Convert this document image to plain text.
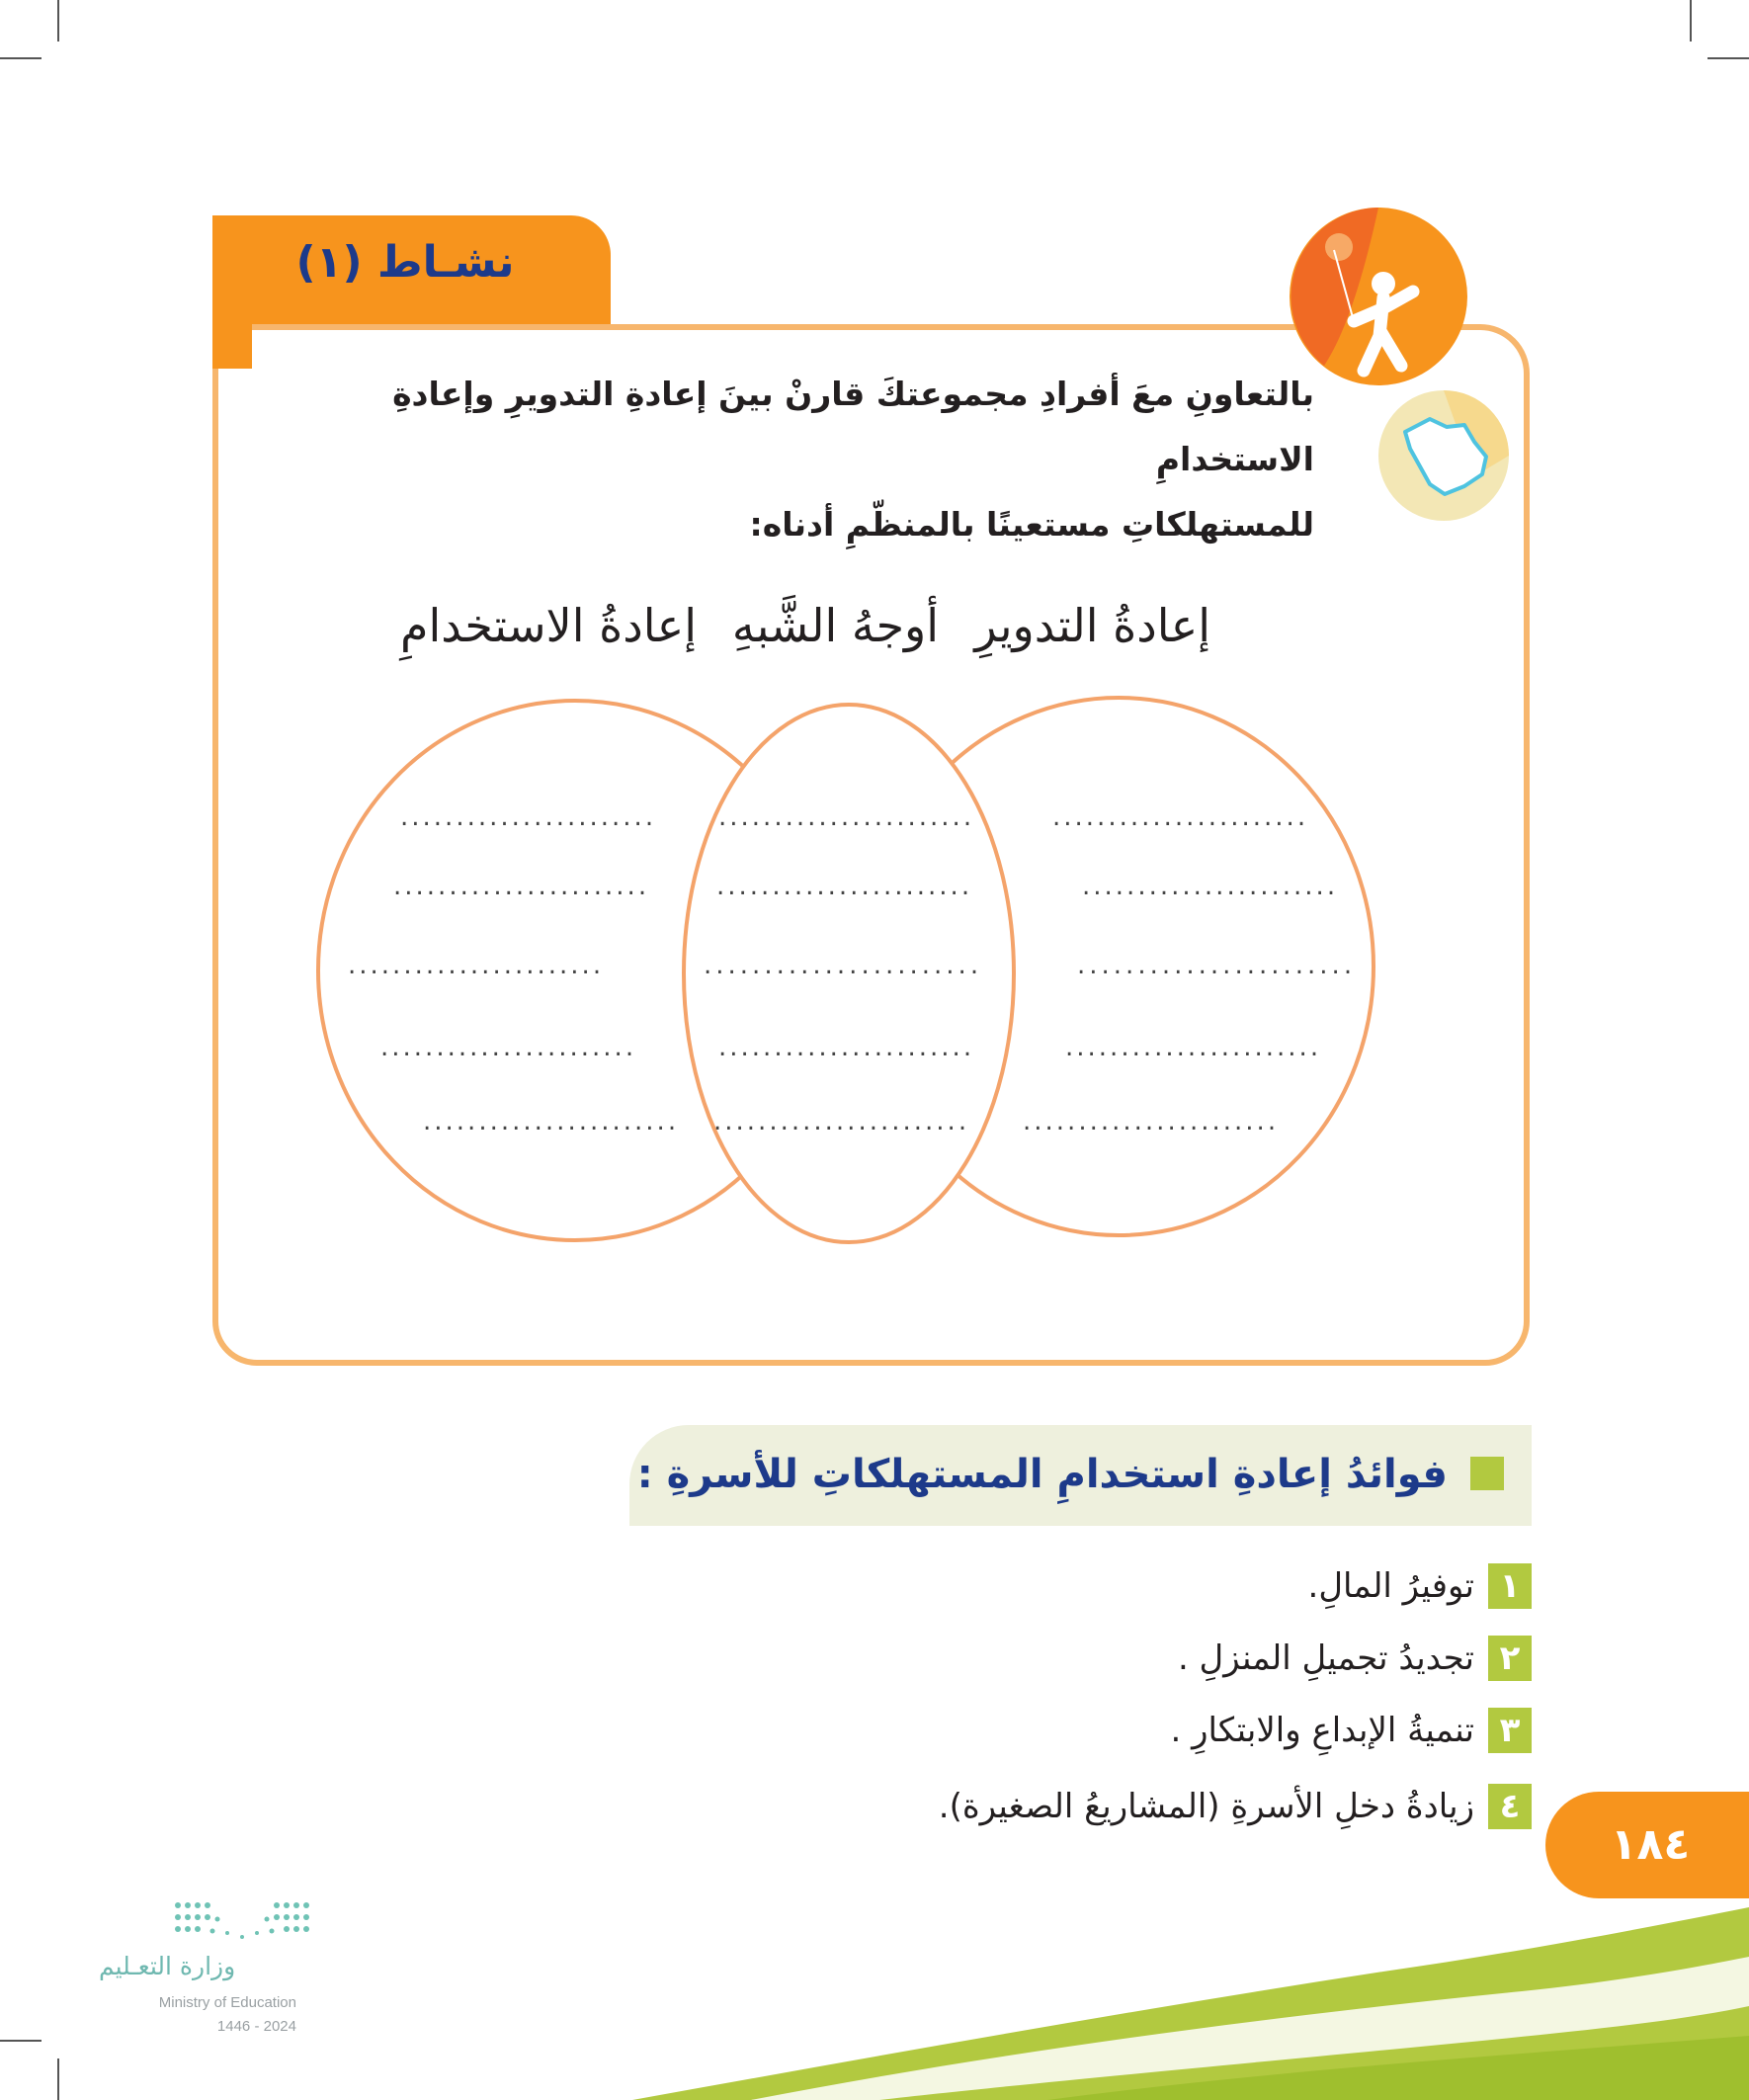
نشـاط (١)
بالتعاونِ معَ أفرادِ مجموعتكَ قارنْ بينَ إعادةِ التدويرِ وإعادةِ الاستخدامِ
للمستهلكاتِ مستعينًا بالمنظّمِ أدناه:
إعادةُ التدويرِ
أوجهُ الشَّبهِ
إعادةُ الاستخدامِ
.......................
.......................
.......................
.......................
.......................
.......................
.......................
.......................
.......................
.......................
.......................
.......................
.......................
.......................
.......................
فوائدُ إعادةِ استخدامِ المستهلكاتِ للأسرةِ :
١
توفيرُ المالِ.
٢
تجديدُ تجميلِ المنزلِ .
٣
تنميةُ الإبداعِ والابتكارِ .
٤
زيادةُ دخلِ الأسرةِ (المشاريعُ الصغيرة).
١٨٤
وزارة التعـليم
Ministry of Education
2024 - 1446
